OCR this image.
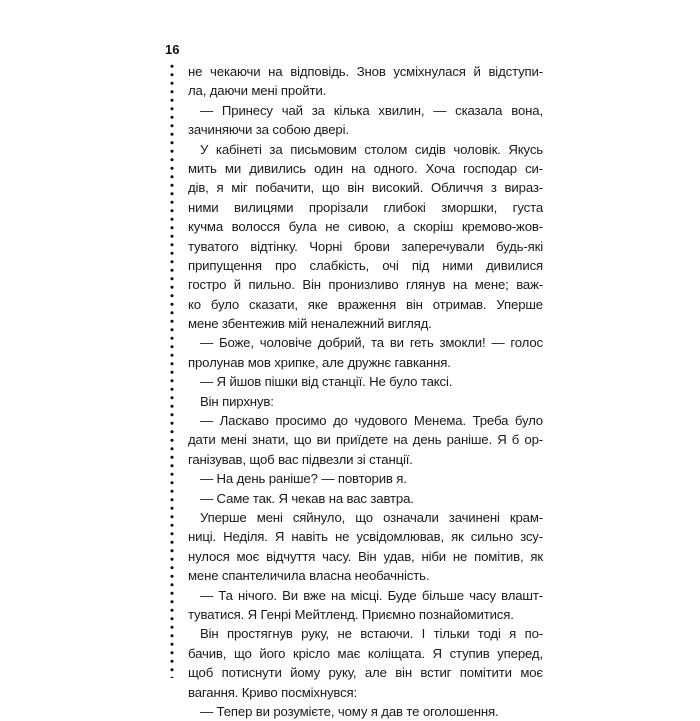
16
не чекаючи на відповідь. Знов усміхнулася й відступи-
ла, даючи мені пройти.
— Принесу чай за кілька хвилин, — сказала вона,
зачиняючи за собою двері.
У кабінеті за письмовим столом сидів чоловік. Якусь
мить ми дивились один на одного. Хоча господар си-
дів, я міг побачити, що він високий. Обличчя з вираз-
ними вилицями прорізали глибокі зморшки, густа
кучма волосся була не сивою, а скоріш кремово-жов-
туватого відтінку. Чорні брови заперечували будь-які
припущення про слабкість, очі під ними дивилися
гостро й пильно. Він пронизливо глянув на мене; важ-
ко було сказати, яке враження він отримав. Уперше
мене збентежив мій неналежний вигляд.
— Боже, чоловіче добрий, та ви геть змокли! — голос
пролунав мов хрипке, але дружнє гавкання.
— Я йшов пішки від станції. Не було таксі.
Він пирхнув:
— Ласкаво просимо до чудового Менема. Треба було
дати мені знати, що ви приїдете на день раніше. Я б ор-
ганізував, щоб вас підвезли зі станції.
— На день раніше? — повторив я.
— Саме так. Я чекав на вас завтра.
Уперше мені сяйнуло, що означали зачинені крам-
ниці. Неділя. Я навіть не усвідомлював, як сильно зсу-
нулося моє відчуття часу. Він удав, ніби не помітив, як
мене спантеличила власна необачність.
— Та нічого. Ви вже на місці. Буде більше часу влашт-
туватися. Я Генрі Мейтленд. Приємно познайомитися.
Він простягнув руку, не встаючи. І тільки тоді я по-
бачив, що його крісло має коліщата. Я ступив уперед,
щоб потиснути йому руку, але він встиг помітити моє
вагання. Криво посміхнувся:
— Тепер ви розумієте, чому я дав те оголошення.
